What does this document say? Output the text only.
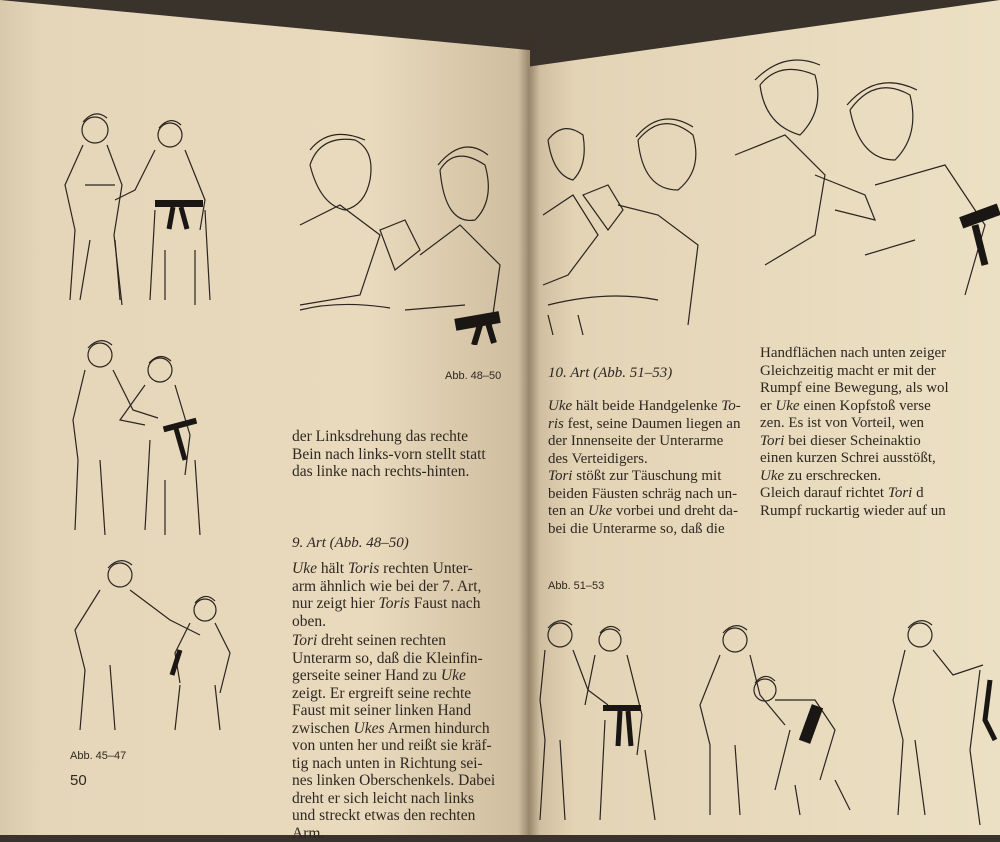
Abb. 48–50
Abb. 45–47
50
der Linksdrehung das rechte
Bein nach links-vorn stellt statt
das linke nach rechts-hinten.
9. Art (Abb. 48–50)
Uke hält Toris rechten Unter-
arm ähnlich wie bei der 7. Art,
nur zeigt hier Toris Faust nach
oben.
Tori dreht seinen rechten
Unterarm so, daß die Kleinfin-
gerseite seiner Hand zu Uke
zeigt. Er ergreift seine rechte
Faust mit seiner linken Hand
zwischen Ukes Armen hindurch
von unten her und reißt sie kräf-
tig nach unten in Richtung sei-
nes linken Oberschenkels. Dabei
dreht er sich leicht nach links
und streckt etwas den rechten
Arm.
10. Art (Abb. 51–53)
Uke hält beide Handgelenke To-
ris fest, seine Daumen liegen an
der Innenseite der Unterarme
des Verteidigers.
Tori stößt zur Täuschung mit
beiden Fäusten schräg nach un-
ten an Uke vorbei und dreht da-
bei die Unterarme so, daß die
Abb. 51–53
Handflächen nach unten zeiger
Gleichzeitig macht er mit der
Rumpf eine Bewegung, als wol
er Uke einen Kopfstoß verse
zen. Es ist von Vorteil, wen
Tori bei dieser Scheinaktio
einen kurzen Schrei ausstößt,
Uke zu erschrecken.
Gleich darauf richtet Tori d
Rumpf ruckartig wieder auf un
